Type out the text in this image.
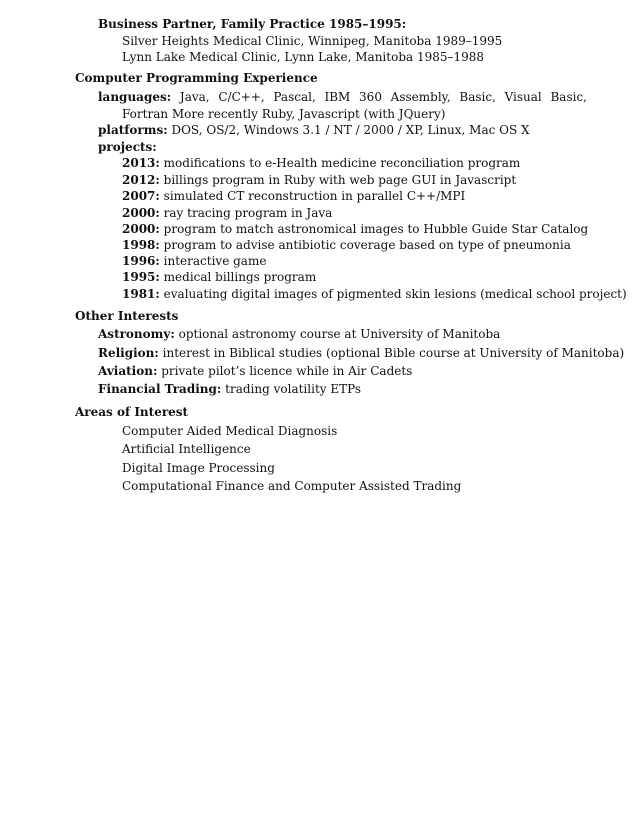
Business Partner, Family Practice 1985–1995:
Silver Heights Medical Clinic, Winnipeg, Manitoba 1989–1995
Lynn Lake Medical Clinic, Lynn Lake, Manitoba 1985–1988
Computer Programming Experience
languages: Java, C/C++, Pascal, IBM 360 Assembly, Basic, Visual Basic, Fortran More recently Ruby, Javascript (with JQuery)
platforms: DOS, OS/2, Windows 3.1 / NT / 2000 / XP, Linux, Mac OS X
projects:
2013: modifications to e-Health medicine reconciliation program
2012: billings program in Ruby with web page GUI in Javascript
2007: simulated CT reconstruction in parallel C++/MPI
2000: ray tracing program in Java
2000: program to match astronomical images to Hubble Guide Star Catalog
1998: program to advise antibiotic coverage based on type of pneumonia
1996: interactive game
1995: medical billings program
1981: evaluating digital images of pigmented skin lesions (medical school project)
Other Interests
Astronomy: optional astronomy course at University of Manitoba
Religion: interest in Biblical studies (optional Bible course at University of Manitoba)
Aviation: private pilot’s licence while in Air Cadets
Financial Trading: trading volatility ETPs
Areas of Interest
Computer Aided Medical Diagnosis
Artificial Intelligence
Digital Image Processing
Computational Finance and Computer Assisted Trading
